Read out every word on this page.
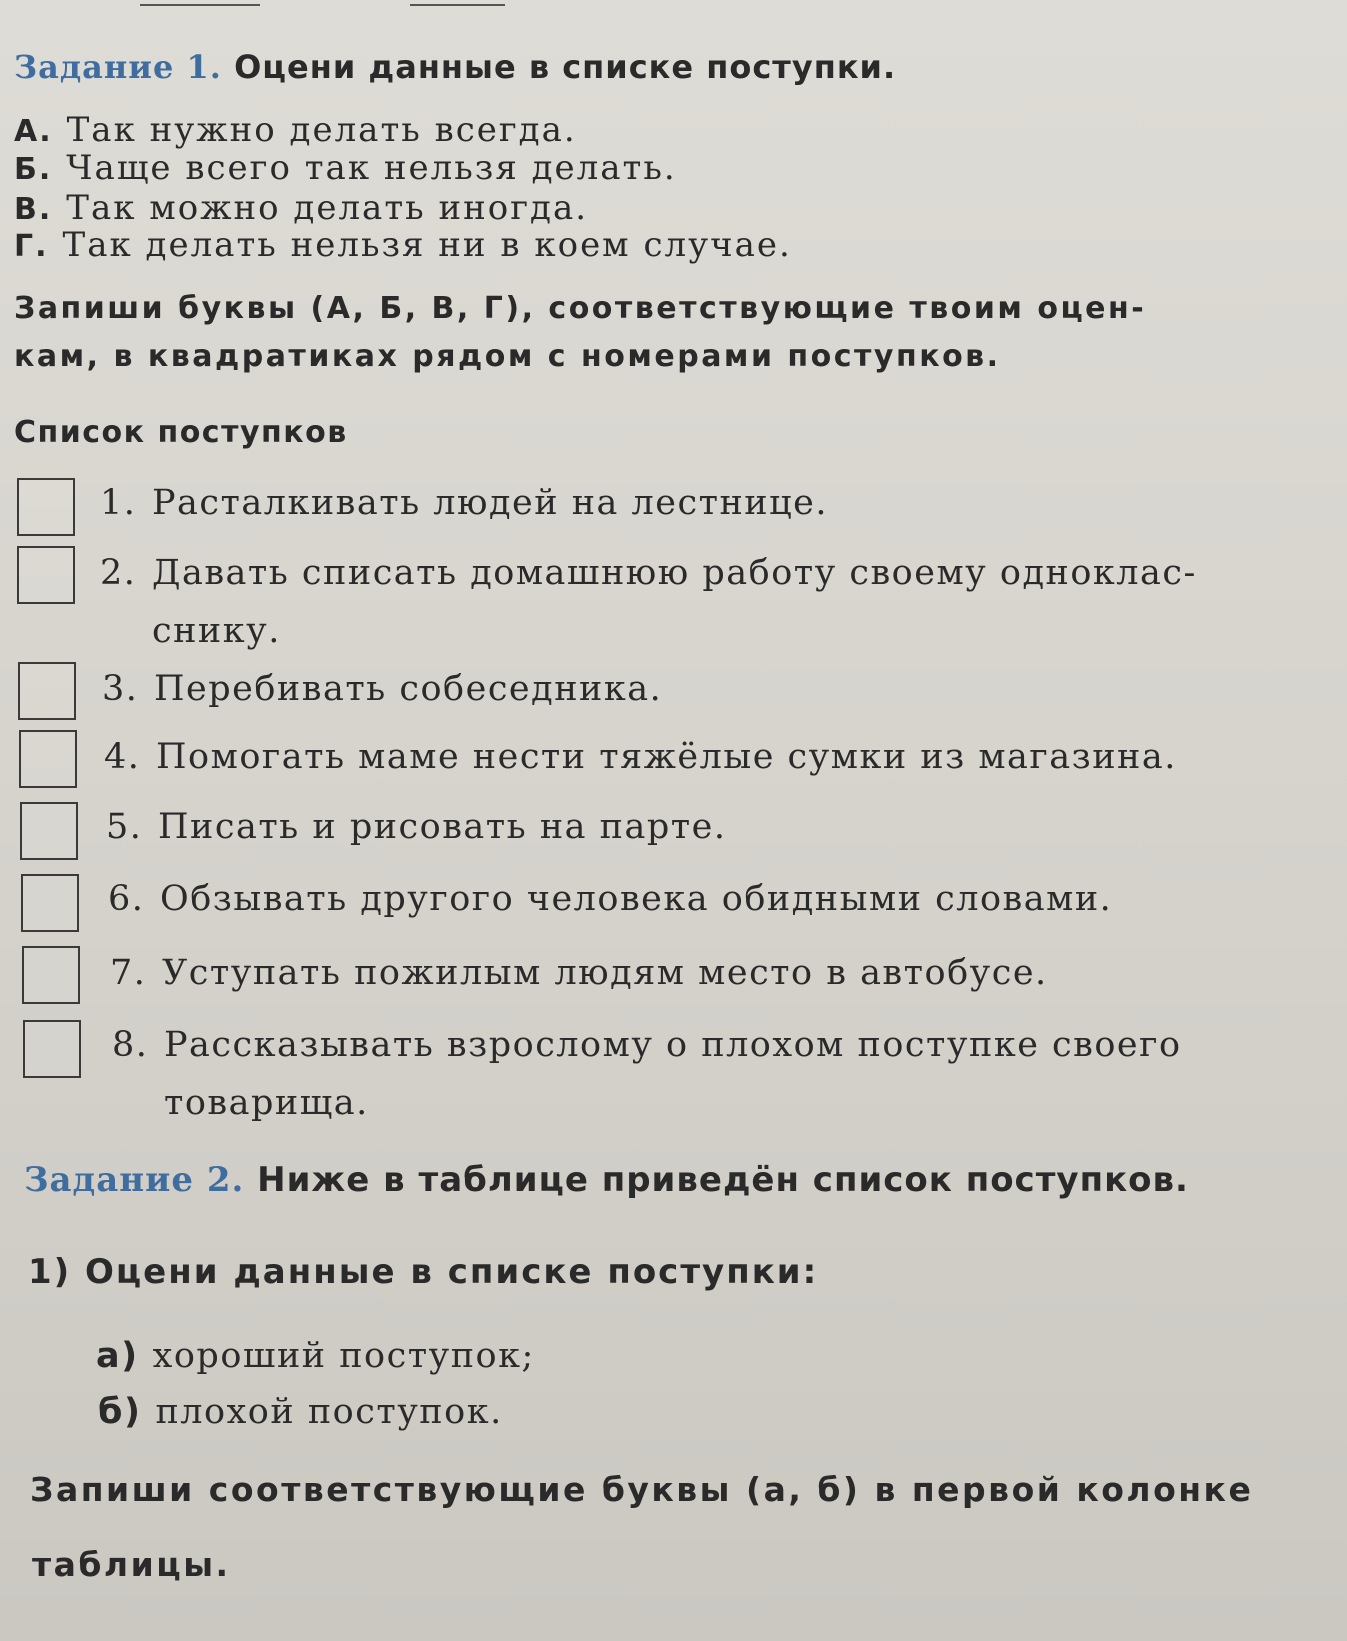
Задание 1. Оцени данные в списке поступки.
А. Так нужно делать всегда.
Б. Чаще всего так нельзя делать.
В. Так можно делать иногда.
Г. Так делать нельзя ни в коем случае.
Запиши буквы (А, Б, В, Г), соответствующие твоим оцен-
кам, в квадратиках рядом с номерами поступков.
Список поступков
1. Расталкивать людей на лестнице.
2. Давать списать домашнюю работу своему однoклас-
снику.
3. Перебивать собеседника.
4. Помогать маме нести тяжёлые сумки из магазина.
5. Писать и рисовать на парте.
6. Обзывать другого человека обидными словами.
7. Уступать пожилым людям место в автобусе.
8. Рассказывать взрослому о плохом поступке своего
товарища.
Задание 2. Ниже в таблице приведён список поступков.
1) Оцени данные в списке поступки:
а) хороший поступок;
б) плохой поступок.
Запиши соответствующие буквы (а, б) в первой колонке
таблицы.
